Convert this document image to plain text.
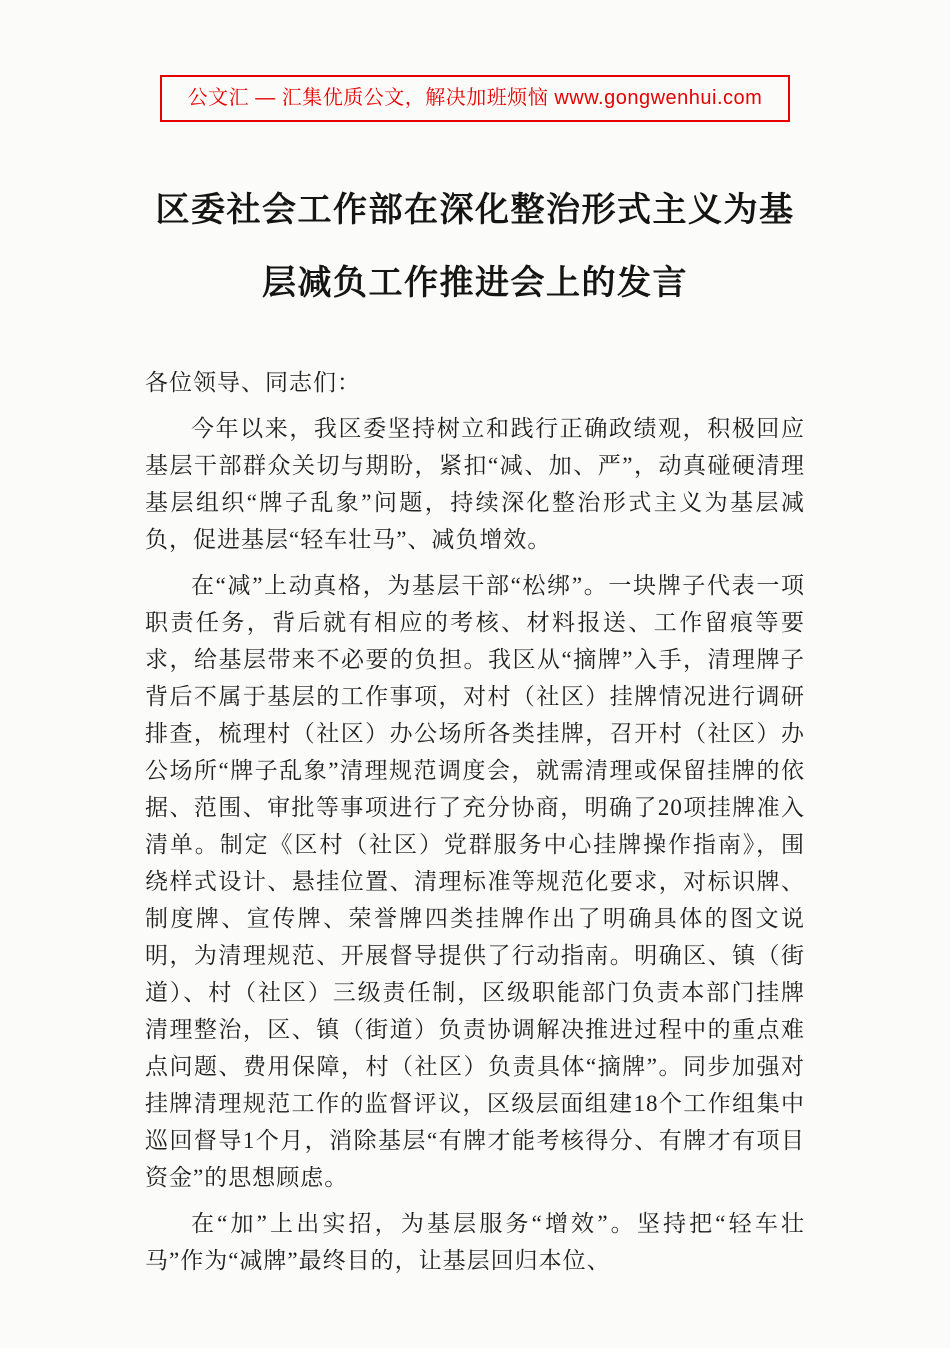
公文汇 — 汇集优质公文，解决加班烦恼 www.gongwenhui.com
区委社会工作部在深化整治形式主义为基层减负工作推进会上的发言

各位领导、同志们：

今年以来，我区委坚持树立和践行正确政绩观，积极回应基层干部群众关切与期盼，紧扣“减、加、严”，动真碰硬清理基层组织“牌子乱象”问题，持续深化整治形式主义为基层减负，促进基层“轻车壮马”、减负增效。

在“减”上动真格，为基层干部“松绑”。一块牌子代表一项职责任务，背后就有相应的考核、材料报送、工作留痕等要求，给基层带来不必要的负担。我区从“摘牌”入手，清理牌子背后不属于基层的工作事项，对村（社区）挂牌情况进行调研排查，梳理村（社区）办公场所各类挂牌，召开村（社区）办公场所“牌子乱象”清理规范调度会，就需清理或保留挂牌的依据、范围、审批等事项进行了充分协商，明确了20项挂牌准入清单。制定《区村（社区）党群服务中心挂牌操作指南》，围绕样式设计、悬挂位置、清理标准等规范化要求，对标识牌、制度牌、宣传牌、荣誉牌四类挂牌作出了明确具体的图文说明，为清理规范、开展督导提供了行动指南。明确区、镇（街道）、村（社区）三级责任制，区级职能部门负责本部门挂牌清理整治，区、镇（街道）负责协调解决推进过程中的重点难点问题、费用保障，村（社区）负责具体“摘牌”。同步加强对挂牌清理规范工作的监督评议，区级层面组建18个工作组集中巡回督导1个月，消除基层“有牌才能考核得分、有牌才有项目资金”的思想顾虑。

在“加”上出实招，为基层服务“增效”。坚持把“轻车壮马”作为“减牌”最终目的，让基层回归本位、
